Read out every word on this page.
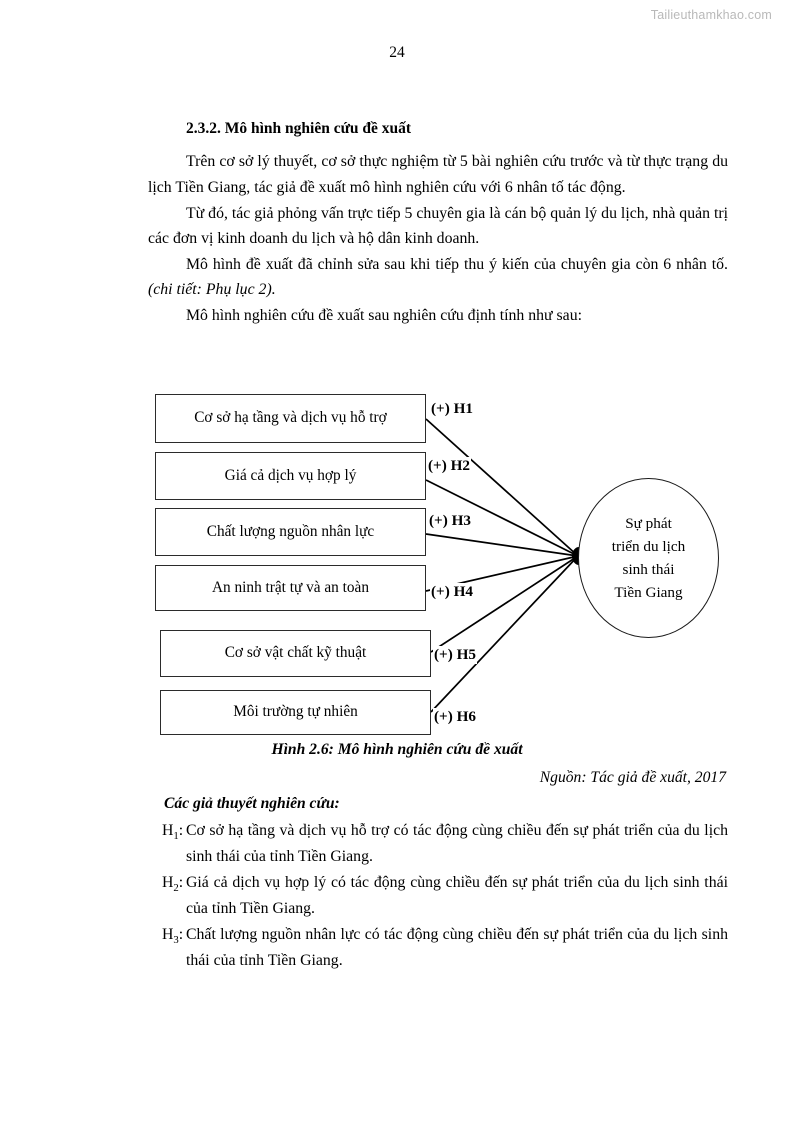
Tailieuthamkhao.com
24

2.3.2. Mô hình nghiên cứu đề xuất

Trên cơ sở lý thuyết, cơ sở thực nghiệm từ 5 bài nghiên cứu trước và từ thực trạng du lịch Tiền Giang, tác giả đề xuất mô hình nghiên cứu với 6 nhân tố tác động.

Từ đó, tác giả phỏng vấn trực tiếp 5 chuyên gia là cán bộ quản lý du lịch, nhà quản trị các đơn vị kinh doanh du lịch và hộ dân kinh doanh.

Mô hình đề xuất đã chỉnh sửa sau khi tiếp thu ý kiến của chuyên gia còn 6 nhân tố. (chi tiết: Phụ lục 2).

Mô hình nghiên cứu đề xuất sau nghiên cứu định tính như sau:

Cơ sở hạ tầng và dịch vụ hỗ trợ
Giá cả dịch vụ hợp lý
Chất lượng nguồn nhân lực
An ninh trật tự và an toàn
Cơ sở vật chất kỹ thuật
Môi trường tự nhiên
(+) H1
(+) H2
(+) H3
(+) H4
(+) H5
(+) H6
Sự phát triển du lịch sinh thái Tiền Giang
Hình 2.6: Mô hình nghiên cứu đề xuất
Nguồn: Tác giả đề xuất, 2017

Các giả thuyết nghiên cứu:

$H_1$: Cơ sở hạ tầng và dịch vụ hỗ trợ có tác động cùng chiều đến sự phát triển của du lịch sinh thái của tỉnh Tiền Giang.
$H_2$: Giá cả dịch vụ hợp lý có tác động cùng chiều đến sự phát triển của du lịch sinh thái của tỉnh Tiền Giang.
$H_3$: Chất lượng nguồn nhân lực có tác động cùng chiều đến sự phát triển của du lịch sinh thái của tỉnh Tiền Giang.
